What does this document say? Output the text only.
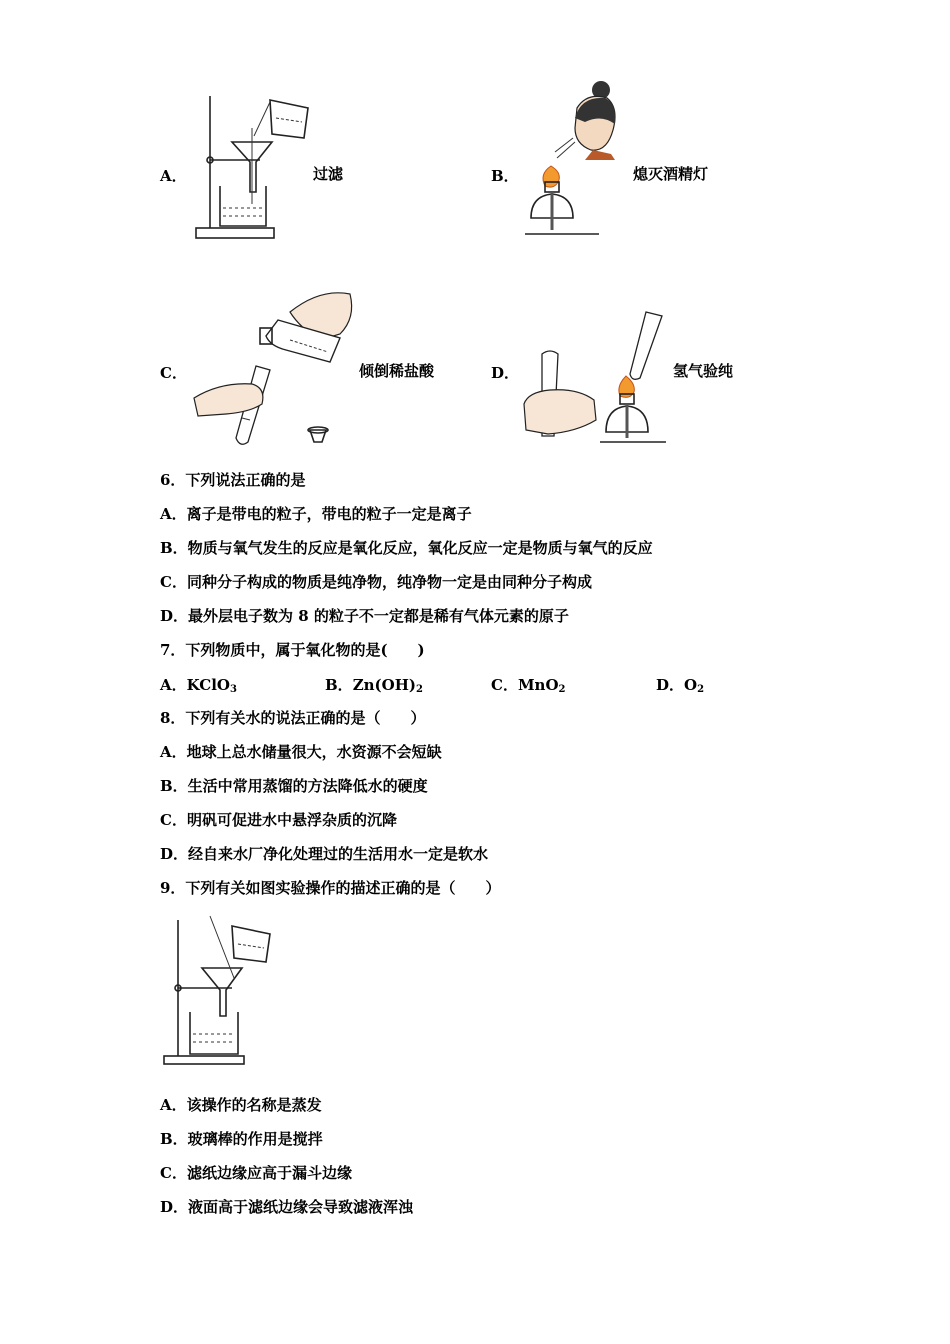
A．	过滤	B．	熄灭酒精灯
C．	倾倒稀盐酸	D．	氢气验纯
6．下列说法正确的是
A．离子是带电的粒子，带电的粒子一定是离子
B．物质与氧气发生的反应是氧化反应，氧化反应一定是物质与氧气的反应
C．同种分子构成的物质是纯净物，纯净物一定是由同种分子构成
D．最外层电子数为 8 的粒子不一定都是稀有气体元素的原子
7．下列物质中，属于氧化物的是(　　)
A．KClO$_3$	B．$Zn(OH)_2$	C．MnO$_2$	D．$O_2$
8．下列有关水的说法正确的是（　　）
A．地球上总水储量很大，水资源不会短缺
B．生活中常用蒸馏的方法降低水的硬度
C．明矾可促进水中悬浮杂质的沉降
D．经自来水厂净化处理过的生活用水一定是软水
9．下列有关如图实验操作的描述正确的是（　　）
A．该操作的名称是蒸发
B．玻璃棒的作用是搅拌
C．滤纸边缘应高于漏斗边缘
D．液面高于滤纸边缘会导致滤液浑浊
